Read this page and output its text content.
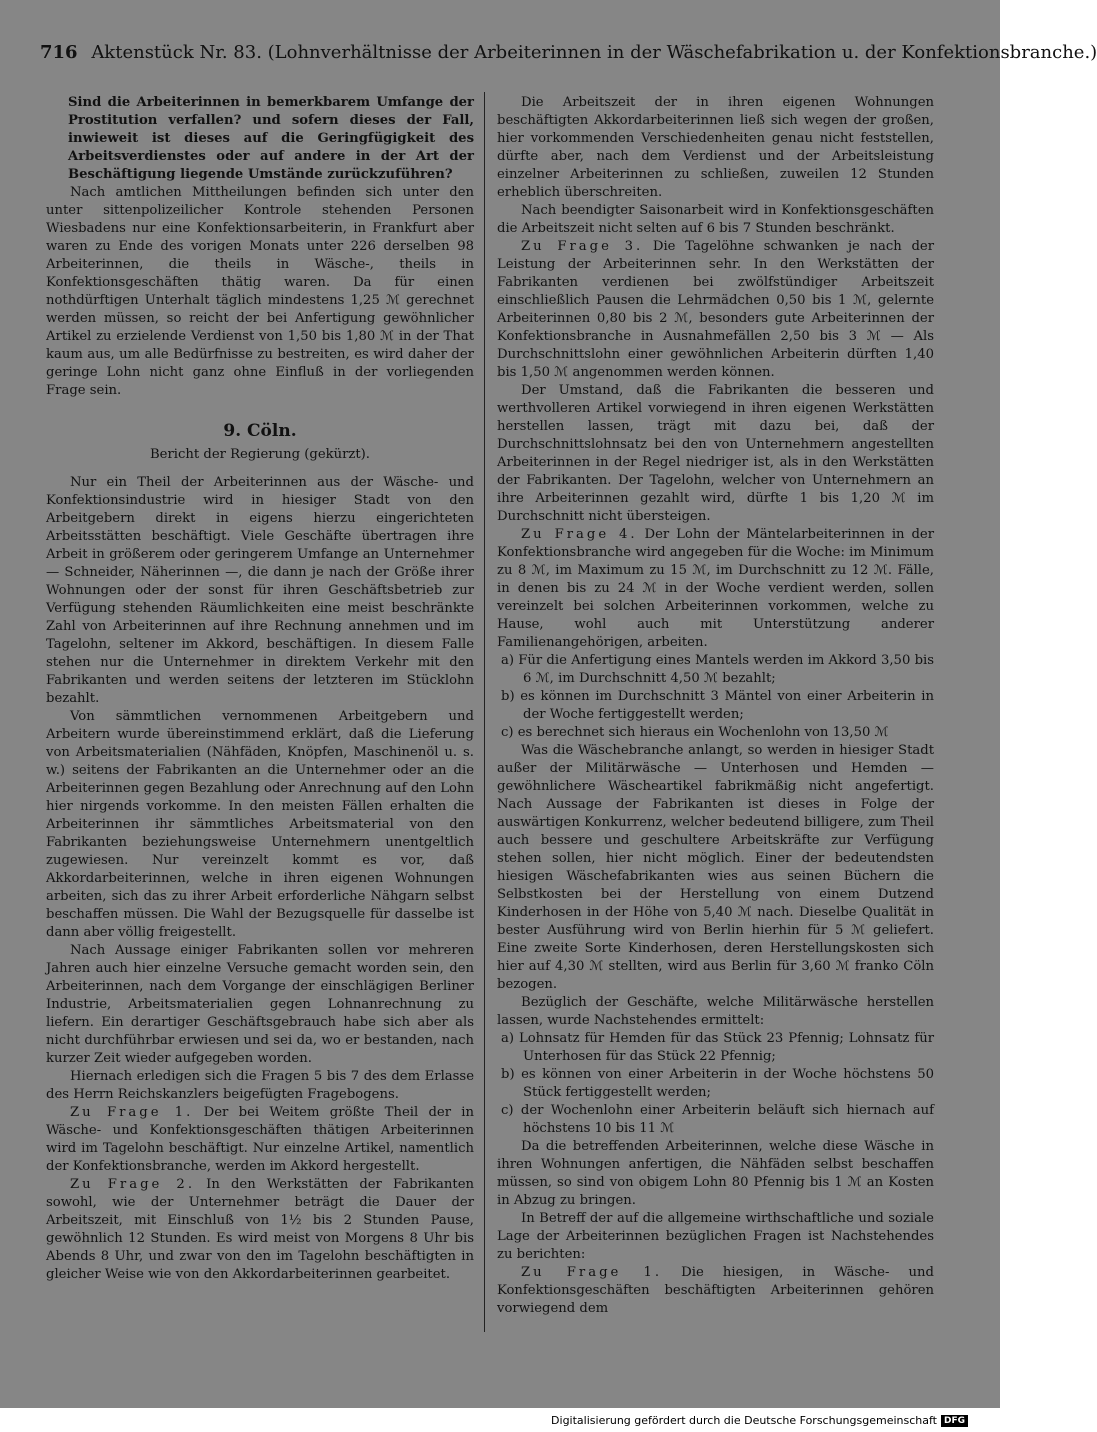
716 Aktenstück Nr. 83. (Lohnverhältnisse der Arbeiterinnen in der Wäschefabrikation u. der Konfektionsbranche.)

Sind die Arbeiterinnen in bemerkbarem Umfange der Prostitution verfallen? und sofern dieses der Fall, inwieweit ist dieses auf die Geringfügigkeit des Arbeitsverdienstes oder auf andere in der Art der Beschäftigung liegende Umstände zurückzuführen?

Nach amtlichen Mittheilungen befinden sich unter den unter sittenpolizeilicher Kontrole stehenden Personen Wiesbadens nur eine Konfektionsarbeiterin, in Frankfurt aber waren zu Ende des vorigen Monats unter 226 derselben 98 Arbeiterinnen, die theils in Wäsche-, theils in Konfektionsgeschäften thätig waren. Da für einen nothdürftigen Unterhalt täglich mindestens 1,25 ℳ gerechnet werden müssen, so reicht der bei Anfertigung gewöhnlicher Artikel zu erzielende Verdienst von 1,50 bis 1,80 ℳ in der That kaum aus, um alle Bedürfnisse zu bestreiten, es wird daher der geringe Lohn nicht ganz ohne Einfluß in der vorliegenden Frage sein.

9. Cöln.

Bericht der Regierung (gekürzt).

Nur ein Theil der Arbeiterinnen aus der Wäsche- und Konfektionsindustrie wird in hiesiger Stadt von den Arbeitgebern direkt in eigens hierzu eingerichteten Arbeitsstätten beschäftigt. Viele Geschäfte übertragen ihre Arbeit in größerem oder geringerem Umfange an Unternehmer — Schneider, Näherinnen —, die dann je nach der Größe ihrer Wohnungen oder der sonst für ihren Geschäftsbetrieb zur Verfügung stehenden Räumlichkeiten eine meist beschränkte Zahl von Arbeiterinnen auf ihre Rechnung annehmen und im Tagelohn, seltener im Akkord, beschäftigen. In diesem Falle stehen nur die Unternehmer in direktem Verkehr mit den Fabrikanten und werden seitens der letzteren im Stücklohn bezahlt.

Von sämmtlichen vernommenen Arbeitgebern und Arbeitern wurde übereinstimmend erklärt, daß die Lieferung von Arbeitsmaterialien (Nähfäden, Knöpfen, Maschinenöl u. s. w.) seitens der Fabrikanten an die Unternehmer oder an die Arbeiterinnen gegen Bezahlung oder Anrechnung auf den Lohn hier nirgends vorkomme. In den meisten Fällen erhalten die Arbeiterinnen ihr sämmtliches Arbeitsmaterial von den Fabrikanten beziehungsweise Unternehmern unentgeltlich zugewiesen. Nur vereinzelt kommt es vor, daß Akkordarbeiterinnen, welche in ihren eigenen Wohnungen arbeiten, sich das zu ihrer Arbeit erforderliche Nähgarn selbst beschaffen müssen. Die Wahl der Bezugsquelle für dasselbe ist dann aber völlig freigestellt.

Nach Aussage einiger Fabrikanten sollen vor mehreren Jahren auch hier einzelne Versuche gemacht worden sein, den Arbeiterinnen, nach dem Vorgange der einschlägigen Berliner Industrie, Arbeitsmaterialien gegen Lohnanrechnung zu liefern. Ein derartiger Geschäftsgebrauch habe sich aber als nicht durchführbar erwiesen und sei da, wo er bestanden, nach kurzer Zeit wieder aufgegeben worden.

Hiernach erledigen sich die Fragen 5 bis 7 des dem Erlasse des Herrn Reichskanzlers beigefügten Fragebogens.

Zu Frage 1. Der bei Weitem größte Theil der in Wäsche- und Konfektionsgeschäften thätigen Arbeiterinnen wird im Tagelohn beschäftigt. Nur einzelne Artikel, namentlich der Konfektionsbranche, werden im Akkord hergestellt.

Zu Frage 2. In den Werkstätten der Fabrikanten sowohl, wie der Unternehmer beträgt die Dauer der Arbeitszeit, mit Einschluß von 1½ bis 2 Stunden Pause, gewöhnlich 12 Stunden. Es wird meist von Morgens 8 Uhr bis Abends 8 Uhr, und zwar von den im Tagelohn beschäftigten in gleicher Weise wie von den Akkordarbeiterinnen gearbeitet.

Die Arbeitszeit der in ihren eigenen Wohnungen beschäftigten Akkordarbeiterinnen ließ sich wegen der großen, hier vorkommenden Verschiedenheiten genau nicht feststellen, dürfte aber, nach dem Verdienst und der Arbeitsleistung einzelner Arbeiterinnen zu schließen, zuweilen 12 Stunden erheblich überschreiten.

Nach beendigter Saisonarbeit wird in Konfektionsgeschäften die Arbeitszeit nicht selten auf 6 bis 7 Stunden beschränkt.

Zu Frage 3. Die Tagelöhne schwanken je nach der Leistung der Arbeiterinnen sehr. In den Werkstätten der Fabrikanten verdienen bei zwölfstündiger Arbeitszeit einschließlich Pausen die Lehrmädchen 0,50 bis 1 ℳ, gelernte Arbeiterinnen 0,80 bis 2 ℳ, besonders gute Arbeiterinnen der Konfektionsbranche in Ausnahmefällen 2,50 bis 3 ℳ — Als Durchschnittslohn einer gewöhnlichen Arbeiterin dürften 1,40 bis 1,50 ℳ angenommen werden können.

Der Umstand, daß die Fabrikanten die besseren und werthvolleren Artikel vorwiegend in ihren eigenen Werkstätten herstellen lassen, trägt mit dazu bei, daß der Durchschnittslohnsatz bei den von Unternehmern angestellten Arbeiterinnen in der Regel niedriger ist, als in den Werkstätten der Fabrikanten. Der Tagelohn, welcher von Unternehmern an ihre Arbeiterinnen gezahlt wird, dürfte 1 bis 1,20 ℳ im Durchschnitt nicht übersteigen.

Zu Frage 4. Der Lohn der Mäntelarbeiterinnen in der Konfektionsbranche wird angegeben für die Woche: im Minimum zu 8 ℳ, im Maximum zu 15 ℳ, im Durchschnitt zu 12 ℳ. Fälle, in denen bis zu 24 ℳ in der Woche verdient werden, sollen vereinzelt bei solchen Arbeiterinnen vorkommen, welche zu Hause, wohl auch mit Unterstützung anderer Familienangehörigen, arbeiten.

a) Für die Anfertigung eines Mantels werden im Akkord 3,50 bis 6 ℳ, im Durchschnitt 4,50 ℳ bezahlt;

b) es können im Durchschnitt 3 Mäntel von einer Arbeiterin in der Woche fertiggestellt werden;

c) es berechnet sich hieraus ein Wochenlohn von 13,50 ℳ

Was die Wäschebranche anlangt, so werden in hiesiger Stadt außer der Militärwäsche — Unterhosen und Hemden — gewöhnlichere Wäscheartikel fabrikmäßig nicht angefertigt. Nach Aussage der Fabrikanten ist dieses in Folge der auswärtigen Konkurrenz, welcher bedeutend billigere, zum Theil auch bessere und geschultere Arbeitskräfte zur Verfügung stehen sollen, hier nicht möglich. Einer der bedeutendsten hiesigen Wäschefabrikanten wies aus seinen Büchern die Selbstkosten bei der Herstellung von einem Dutzend Kinderhosen in der Höhe von 5,40 ℳ nach. Dieselbe Qualität in bester Ausführung wird von Berlin hierhin für 5 ℳ geliefert. Eine zweite Sorte Kinderhosen, deren Herstellungskosten sich hier auf 4,30 ℳ stellten, wird aus Berlin für 3,60 ℳ franko Cöln bezogen.

Bezüglich der Geschäfte, welche Militärwäsche herstellen lassen, wurde Nachstehendes ermittelt:

a) Lohnsatz für Hemden für das Stück 23 Pfennig; Lohnsatz für Unterhosen für das Stück 22 Pfennig;

b) es können von einer Arbeiterin in der Woche höchstens 50 Stück fertiggestellt werden;

c) der Wochenlohn einer Arbeiterin beläuft sich hiernach auf höchstens 10 bis 11 ℳ

Da die betreffenden Arbeiterinnen, welche diese Wäsche in ihren Wohnungen anfertigen, die Nähfäden selbst beschaffen müssen, so sind von obigem Lohn 80 Pfennig bis 1 ℳ an Kosten in Abzug zu bringen.

In Betreff der auf die allgemeine wirthschaftliche und soziale Lage der Arbeiterinnen bezüglichen Fragen ist Nachstehendes zu berichten:

Zu Frage 1. Die hiesigen, in Wäsche- und Konfektionsgeschäften beschäftigten Arbeiterinnen gehören vorwiegend dem

Digitalisierung gefördert durch die Deutsche Forschungsgemeinschaft DFG
